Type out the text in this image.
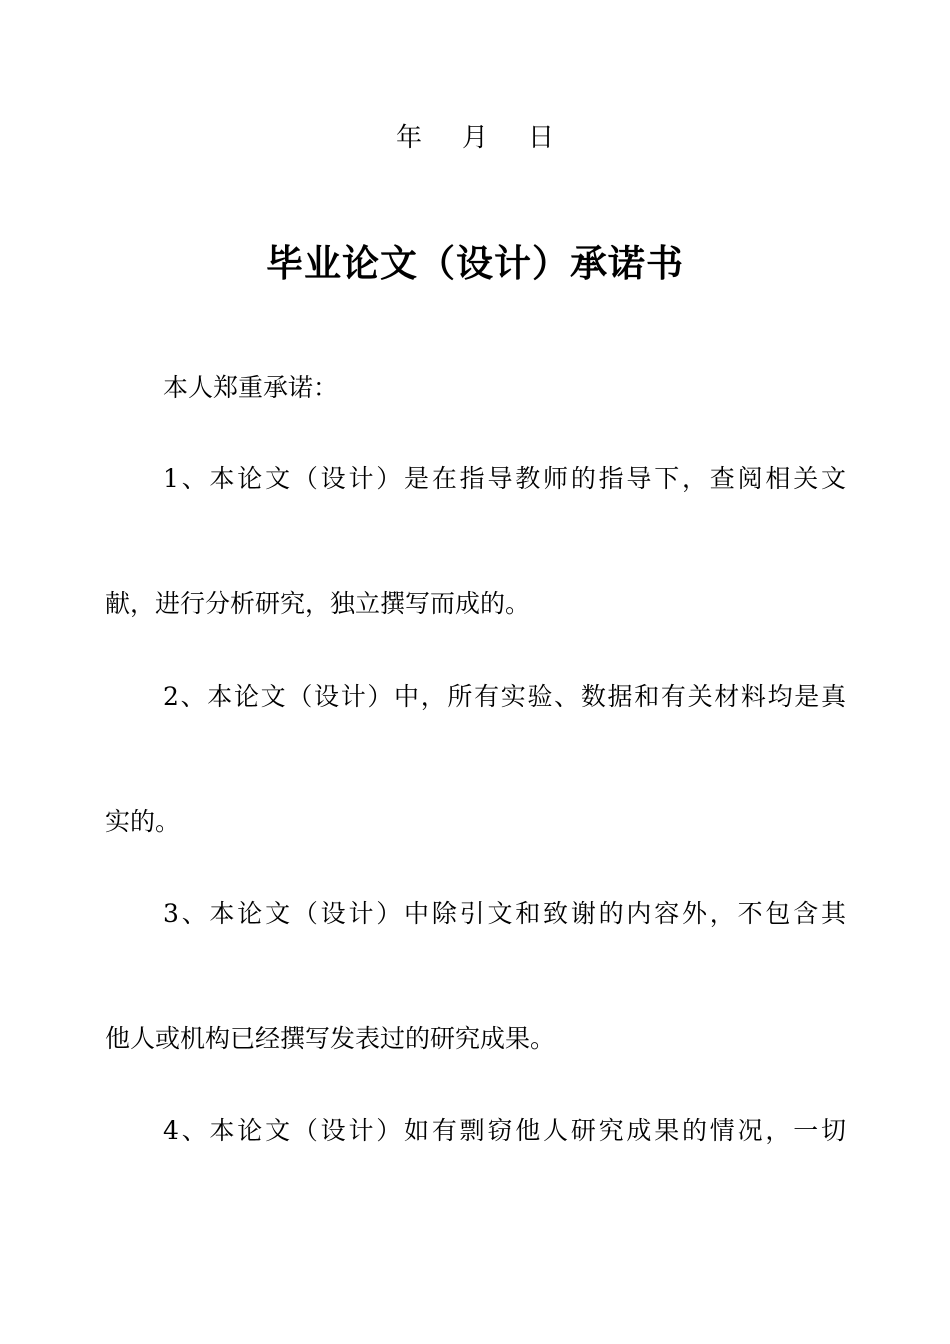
年 月 日
毕业论文（设计）承诺书
本人郑重承诺：
1、本论文（设计）是在指导教师的指导下，查阅相关文
献，进行分析研究，独立撰写而成的。
2、本论文（设计）中，所有实验、数据和有关材料均是真
实的。
3、本论文（设计）中除引文和致谢的内容外，不包含其
他人或机构已经撰写发表过的研究成果。
4、本论文（设计）如有剽窃他人研究成果的情况，一切
